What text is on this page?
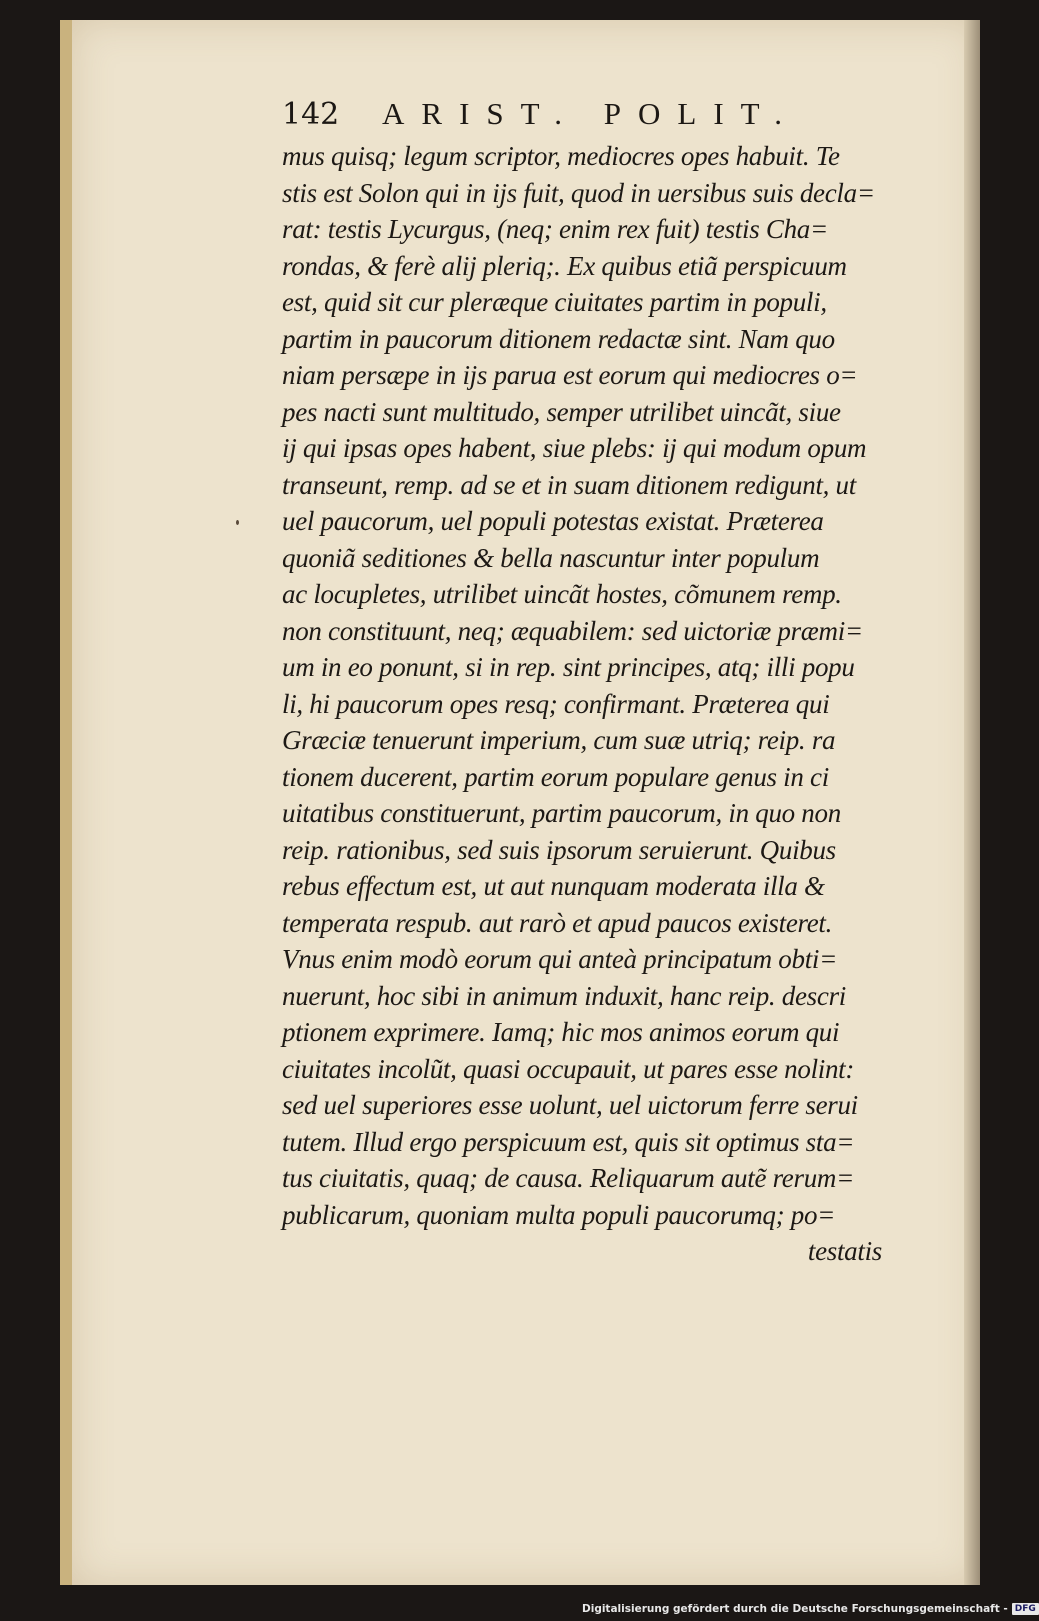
142	ARIST. POLIT.
mus quisq; legum scriptor, mediocres opes habuit. Te
stis est Solon qui in ijs fuit, quod in uersibus suis decla=
rat: testis Lycurgus, (neq; enim rex fuit) testis Cha=
rondas, & ferè alij pleriq;. Ex quibus etiã perspicuum
est, quid sit cur pleræque ciuitates partim in populi,
partim in paucorum ditionem redactæ sint. Nam quo
niam persæpe in ijs parua est eorum qui mediocres o=
pes nacti sunt multitudo, semper utrilibet uincãt, siue
ij qui ipsas opes habent, siue plebs: ij qui modum opum
transeunt, remp. ad se et in suam ditionem redigunt, ut
uel paucorum, uel populi potestas existat. Præterea
quoniã seditiones & bella nascuntur inter populum
ac locupletes, utrilibet uincãt hostes, cõmunem remp.
non constituunt, neq; æquabilem: sed uictoriæ præmi=
um in eo ponunt, si in rep. sint principes, atq; illi popu
li, hi paucorum opes resq; confirmant. Præterea qui
Græciæ tenuerunt imperium, cum suæ utriq; reip. ra
tionem ducerent, partim eorum populare genus in ci
uitatibus constituerunt, partim paucorum, in quo non
reip. rationibus, sed suis ipsorum seruierunt. Quibus
rebus effectum est, ut aut nunquam moderata illa &
temperata respub. aut rarò et apud paucos existeret.
Vnus enim modò eorum qui anteà principatum obti=
nuerunt, hoc sibi in animum induxit, hanc reip. descri
ptionem exprimere. Iamq; hic mos animos eorum qui
ciuitates incolũt, quasi occupauit, ut pares esse nolint:
sed uel superiores esse uolunt, uel uictorum ferre serui
tutem. Illud ergo perspicuum est, quis sit optimus sta=
tus ciuitatis, quaq; de causa. Reliquarum autẽ rerum=
publicarum, quoniam multa populi paucorumq; po=
testatis
Digitalisierung gefördert durch die Deutsche Forschungsgemeinschaft - DFG
